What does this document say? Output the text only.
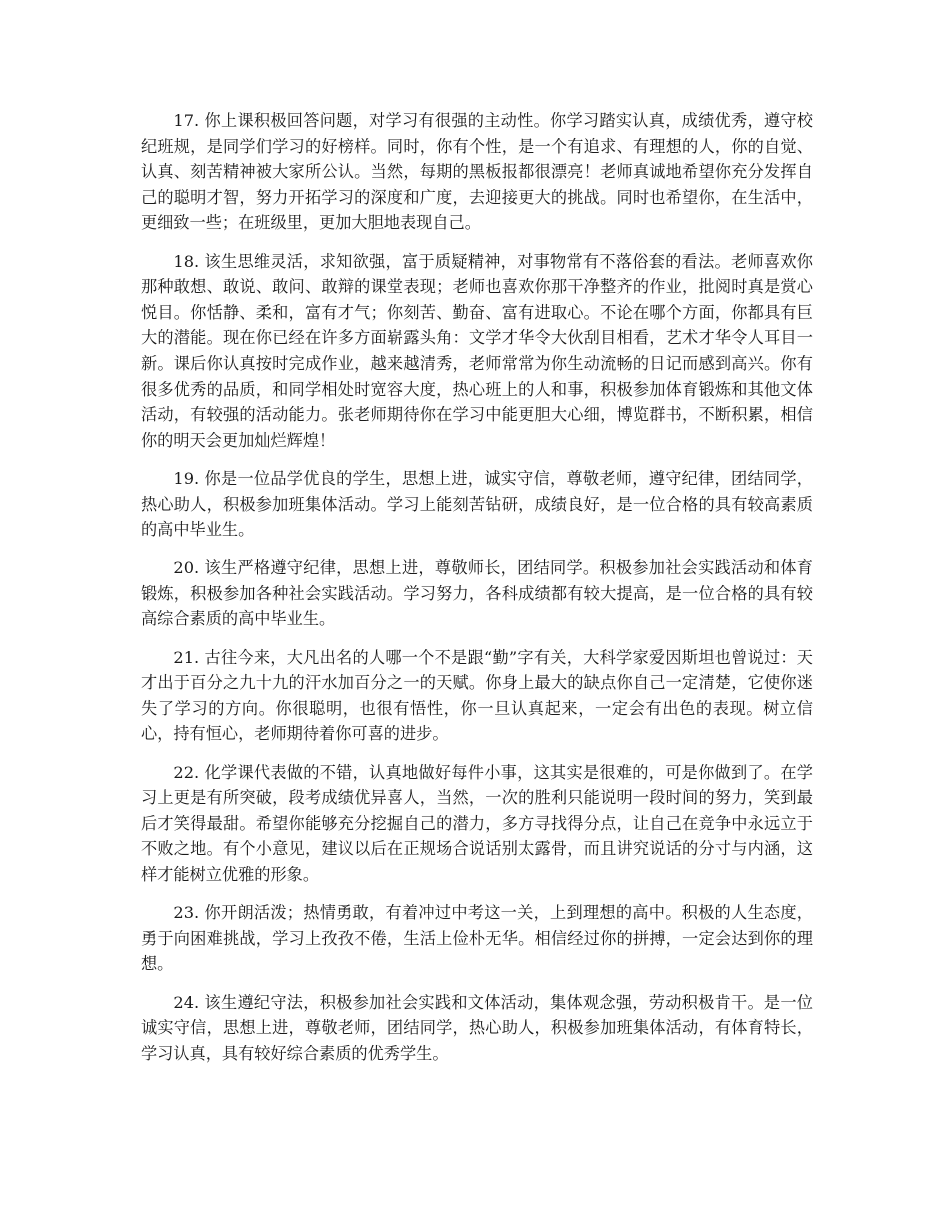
17. 你上课积极回答问题，对学习有很强的主动性。你学习踏实认真，成绩优秀，遵守校纪班规，是同学们学习的好榜样。同时，你有个性，是一个有追求、有理想的人，你的自觉、认真、刻苦精神被大家所公认。当然，每期的黑板报都很漂亮！老师真诚地希望你充分发挥自己的聪明才智，努力开拓学习的深度和广度，去迎接更大的挑战。同时也希望你，在生活中，更细致一些；在班级里，更加大胆地表现自己。

18. 该生思维灵活，求知欲强，富于质疑精神，对事物常有不落俗套的看法。老师喜欢你那种敢想、敢说、敢问、敢辩的课堂表现；老师也喜欢你那干净整齐的作业，批阅时真是赏心悦目。你恬静、柔和，富有才气；你刻苦、勤奋、富有进取心。不论在哪个方面，你都具有巨大的潜能。现在你已经在许多方面崭露头角：文学才华令大伙刮目相看，艺术才华令人耳目一新。课后你认真按时完成作业，越来越清秀，老师常常为你生动流畅的日记而感到高兴。你有很多优秀的品质，和同学相处时宽容大度，热心班上的人和事，积极参加体育锻炼和其他文体活动，有较强的活动能力。张老师期待你在学习中能更胆大心细，博览群书，不断积累，相信你的明天会更加灿烂辉煌！

19. 你是一位品学优良的学生，思想上进，诚实守信，尊敬老师，遵守纪律，团结同学，热心助人，积极参加班集体活动。学习上能刻苦钻研，成绩良好，是一位合格的具有较高素质的高中毕业生。

20. 该生严格遵守纪律，思想上进，尊敬师长，团结同学。积极参加社会实践活动和体育锻炼，积极参加各种社会实践活动。学习努力，各科成绩都有较大提高，是一位合格的具有较高综合素质的高中毕业生。

21. 古往今来，大凡出名的人哪一个不是跟“勤”字有关，大科学家爱因斯坦也曾说过：天才出于百分之九十九的汗水加百分之一的天赋。你身上最大的缺点你自己一定清楚，它使你迷失了学习的方向。你很聪明，也很有悟性，你一旦认真起来，一定会有出色的表现。树立信心，持有恒心，老师期待着你可喜的进步。

22. 化学课代表做的不错，认真地做好每件小事，这其实是很难的，可是你做到了。在学习上更是有所突破，段考成绩优异喜人，当然，一次的胜利只能说明一段时间的努力，笑到最后才笑得最甜。希望你能够充分挖掘自己的潜力，多方寻找得分点，让自己在竞争中永远立于不败之地。有个小意见，建议以后在正规场合说话别太露骨，而且讲究说话的分寸与内涵，这样才能树立优雅的形象。

23. 你开朗活泼；热情勇敢，有着冲过中考这一关，上到理想的高中。积极的人生态度，勇于向困难挑战，学习上孜孜不倦，生活上俭朴无华。相信经过你的拼搏，一定会达到你的理想。

24. 该生遵纪守法，积极参加社会实践和文体活动，集体观念强，劳动积极肯干。是一位诚实守信，思想上进，尊敬老师，团结同学，热心助人，积极参加班集体活动，有体育特长，学习认真，具有较好综合素质的优秀学生。
